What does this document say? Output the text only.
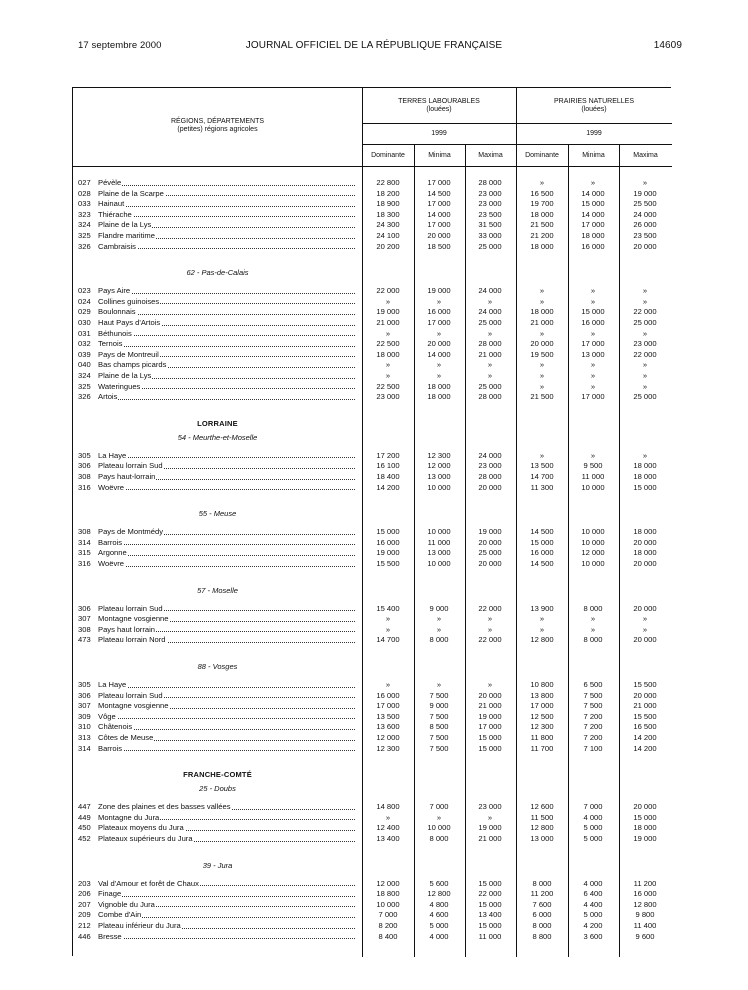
17 septembre 2000	JOURNAL OFFICIEL DE LA RÉPUBLIQUE FRANÇAISE	14609
RÉGIONS, DÉPARTEMENTS
(petites) régions agricoles
TERRES LABOURABLES
(louées)
PRAIRIES NATURELLES
(louées)
1999	1999
Dominante	Minima	Maxima	Dominante	Minima	Maxima
027 Pévèle	22 800	17 000	28 000	»	»	»
028 Plaine de la Scarpe	18 200	14 500	23 000	16 500	14 000	19 000
033 Hainaut	18 900	17 000	23 000	19 700	15 000	25 500
323 Thiérache	18 300	14 000	23 500	18 000	14 000	24 000
324 Plaine de la Lys	24 300	17 000	31 500	21 500	17 000	26 000
325 Flandre maritime	24 100	20 000	33 000	21 200	18 000	23 500
326 Cambraisis	20 200	18 500	25 000	18 000	16 000	20 000
62 - Pas-de-Calais
023 Pays Aire	22 000	19 000	24 000	»	»	»
024 Collines guinoises	»	»	»	»	»	»
029 Boulonnais	19 000	16 000	24 000	18 000	15 000	22 000
030 Haut Pays d'Artois	21 000	17 000	25 000	21 000	16 000	25 000
031 Béthunois	»	»	»	»	»	»
032 Ternois	22 500	20 000	28 000	20 000	17 000	23 000
039 Pays de Montreuil	18 000	14 000	21 000	19 500	13 000	22 000
040 Bas champs picards	»	»	»	»	»	»
324 Plaine de la Lys	»	»	»	»	»	»
325 Wateringues	22 500	18 000	25 000	»	»	»
326 Artois	23 000	18 000	28 000	21 500	17 000	25 000
LORRAINE
54 - Meurthe-et-Moselle
305 La Haye	17 200	12 300	24 000	»	»	»
306 Plateau lorrain Sud	16 100	12 000	23 000	13 500	9 500	18 000
308 Pays haut-lorrain	18 400	13 000	28 000	14 700	11 000	18 000
316 Woëvre	14 200	10 000	20 000	11 300	10 000	15 000
55 - Meuse
308 Pays de Montmédy	15 000	10 000	19 000	14 500	10 000	18 000
314 Barrois	16 000	11 000	20 000	15 000	10 000	20 000
315 Argonne	19 000	13 000	25 000	16 000	12 000	18 000
316 Woëvre	15 500	10 000	20 000	14 500	10 000	20 000
57 - Moselle
306 Plateau lorrain Sud	15 400	9 000	22 000	13 900	8 000	20 000
307 Montagne vosgienne	»	»	»	»	»	»
308 Pays haut lorrain	»	»	»	»	»	»
473 Plateau lorrain Nord	14 700	8 000	22 000	12 800	8 000	20 000
88 - Vosges
305 La Haye	»	»	»	10 800	6 500	15 500
306 Plateau lorrain Sud	16 000	7 500	20 000	13 800	7 500	20 000
307 Montagne vosgienne	17 000	9 000	21 000	17 000	7 500	21 000
309 Vôge	13 500	7 500	19 000	12 500	7 200	15 500
310 Châtenois	13 600	8 500	17 000	12 300	7 200	16 500
313 Côtes de Meuse	12 000	7 500	15 000	11 800	7 200	14 200
314 Barrois	12 300	7 500	15 000	11 700	7 100	14 200
FRANCHE-COMTÉ
25 - Doubs
447 Zone des plaines et des basses vallées	14 800	7 000	23 000	12 600	7 000	20 000
449 Montagne du Jura	»	»	»	11 500	4 000	15 000
450 Plateaux moyens du Jura	12 400	10 000	19 000	12 800	5 000	18 000
452 Plateaux supérieurs du Jura	13 400	8 000	21 000	13 000	5 000	19 000
39 - Jura
203 Val d'Amour et forêt de Chaux	12 000	5 600	15 000	8 000	4 000	11 200
206 Finage	18 800	12 800	22 000	11 200	6 400	16 000
207 Vignoble du Jura	10 000	4 800	15 000	7 600	4 400	12 800
209 Combe d'Ain	7 000	4 600	13 400	6 000	5 000	9 800
212 Plateau inférieur du Jura	8 200	5 000	15 000	8 000	4 200	11 400
446 Bresse	8 400	4 000	11 000	8 800	3 600	9 600
